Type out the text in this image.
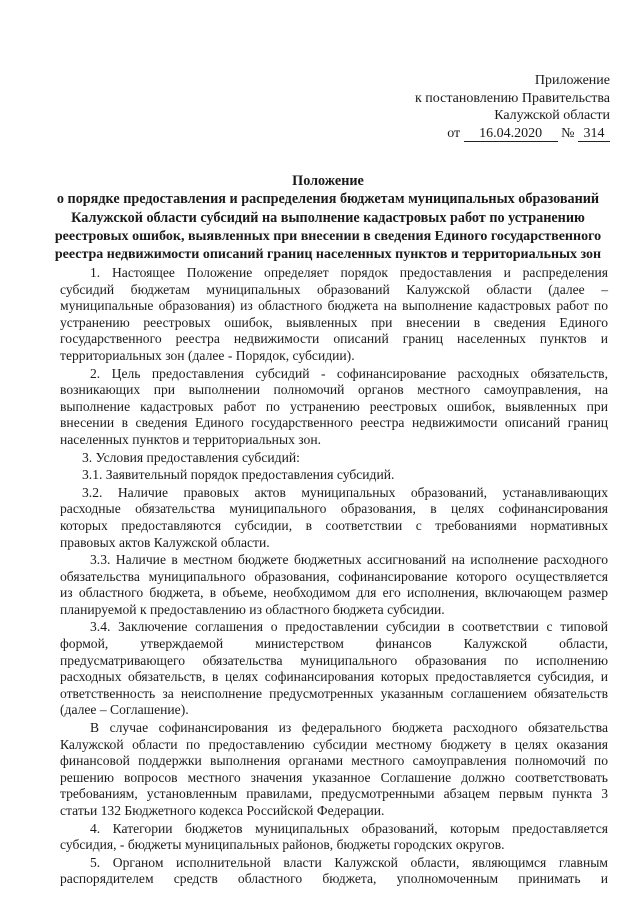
Приложение
к постановлению Правительства
Калужской области
от 16.04.2020 № 314
Положение
о порядке предоставления и распределения бюджетам муниципальных образований
Калужской области субсидий на выполнение кадастровых работ по устранению
реестровых ошибок, выявленных при внесении в сведения Единого государственного
реестра недвижимости описаний границ населенных пунктов и территориальных зон
1. Настоящее Положение определяет порядок предоставления и распределения
субсидий бюджетам муниципальных образований Калужской области (далее –
муниципальные образования) из областного бюджета на выполнение кадастровых работ по
устранению реестровых ошибок, выявленных при внесении в сведения Единого
государственного реестра недвижимости описаний границ населенных пунктов и
территориальных зон (далее - Порядок, субсидии).
2. Цель предоставления субсидий - софинансирование расходных обязательств,
возникающих при выполнении полномочий органов местного самоуправления, на
выполнение кадастровых работ по устранению реестровых ошибок, выявленных при
внесении в сведения Единого государственного реестра недвижимости описаний границ
населенных пунктов и территориальных зон.
3. Условия предоставления субсидий:
3.1. Заявительный порядок предоставления субсидий.
3.2. Наличие правовых актов муниципальных образований, устанавливающих
расходные обязательства муниципального образования, в целях софинансирования
которых предоставляются субсидии, в соответствии с требованиями нормативных
правовых актов Калужской области.
3.3. Наличие в местном бюджете бюджетных ассигнований на исполнение расходного
обязательства муниципального образования, софинансирование которого осуществляется
из областного бюджета, в объеме, необходимом для его исполнения, включающем размер
планируемой к предоставлению из областного бюджета субсидии.
3.4. Заключение соглашения о предоставлении субсидии в соответствии с типовой
формой, утверждаемой министерством финансов Калужской области,
предусматривающего обязательства муниципального образования по исполнению
расходных обязательств, в целях софинансирования которых предоставляется субсидия, и
ответственность за неисполнение предусмотренных указанным соглашением обязательств
(далее – Соглашение).
В случае софинансирования из федерального бюджета расходного обязательства
Калужской области по предоставлению субсидии местному бюджету в целях оказания
финансовой поддержки выполнения органами местного самоуправления полномочий по
решению вопросов местного значения указанное Соглашение должно соответствовать
требованиям, установленным правилами, предусмотренными абзацем первым пункта 3
статьи 132 Бюджетного кодекса Российской Федерации.
4. Категории бюджетов муниципальных образований, которым предоставляется
субсидия, - бюджеты муниципальных районов, бюджеты городских округов.
5. Органом исполнительной власти Калужской области, являющимся главным
распорядителем средств областного бюджета, уполномоченным принимать и
